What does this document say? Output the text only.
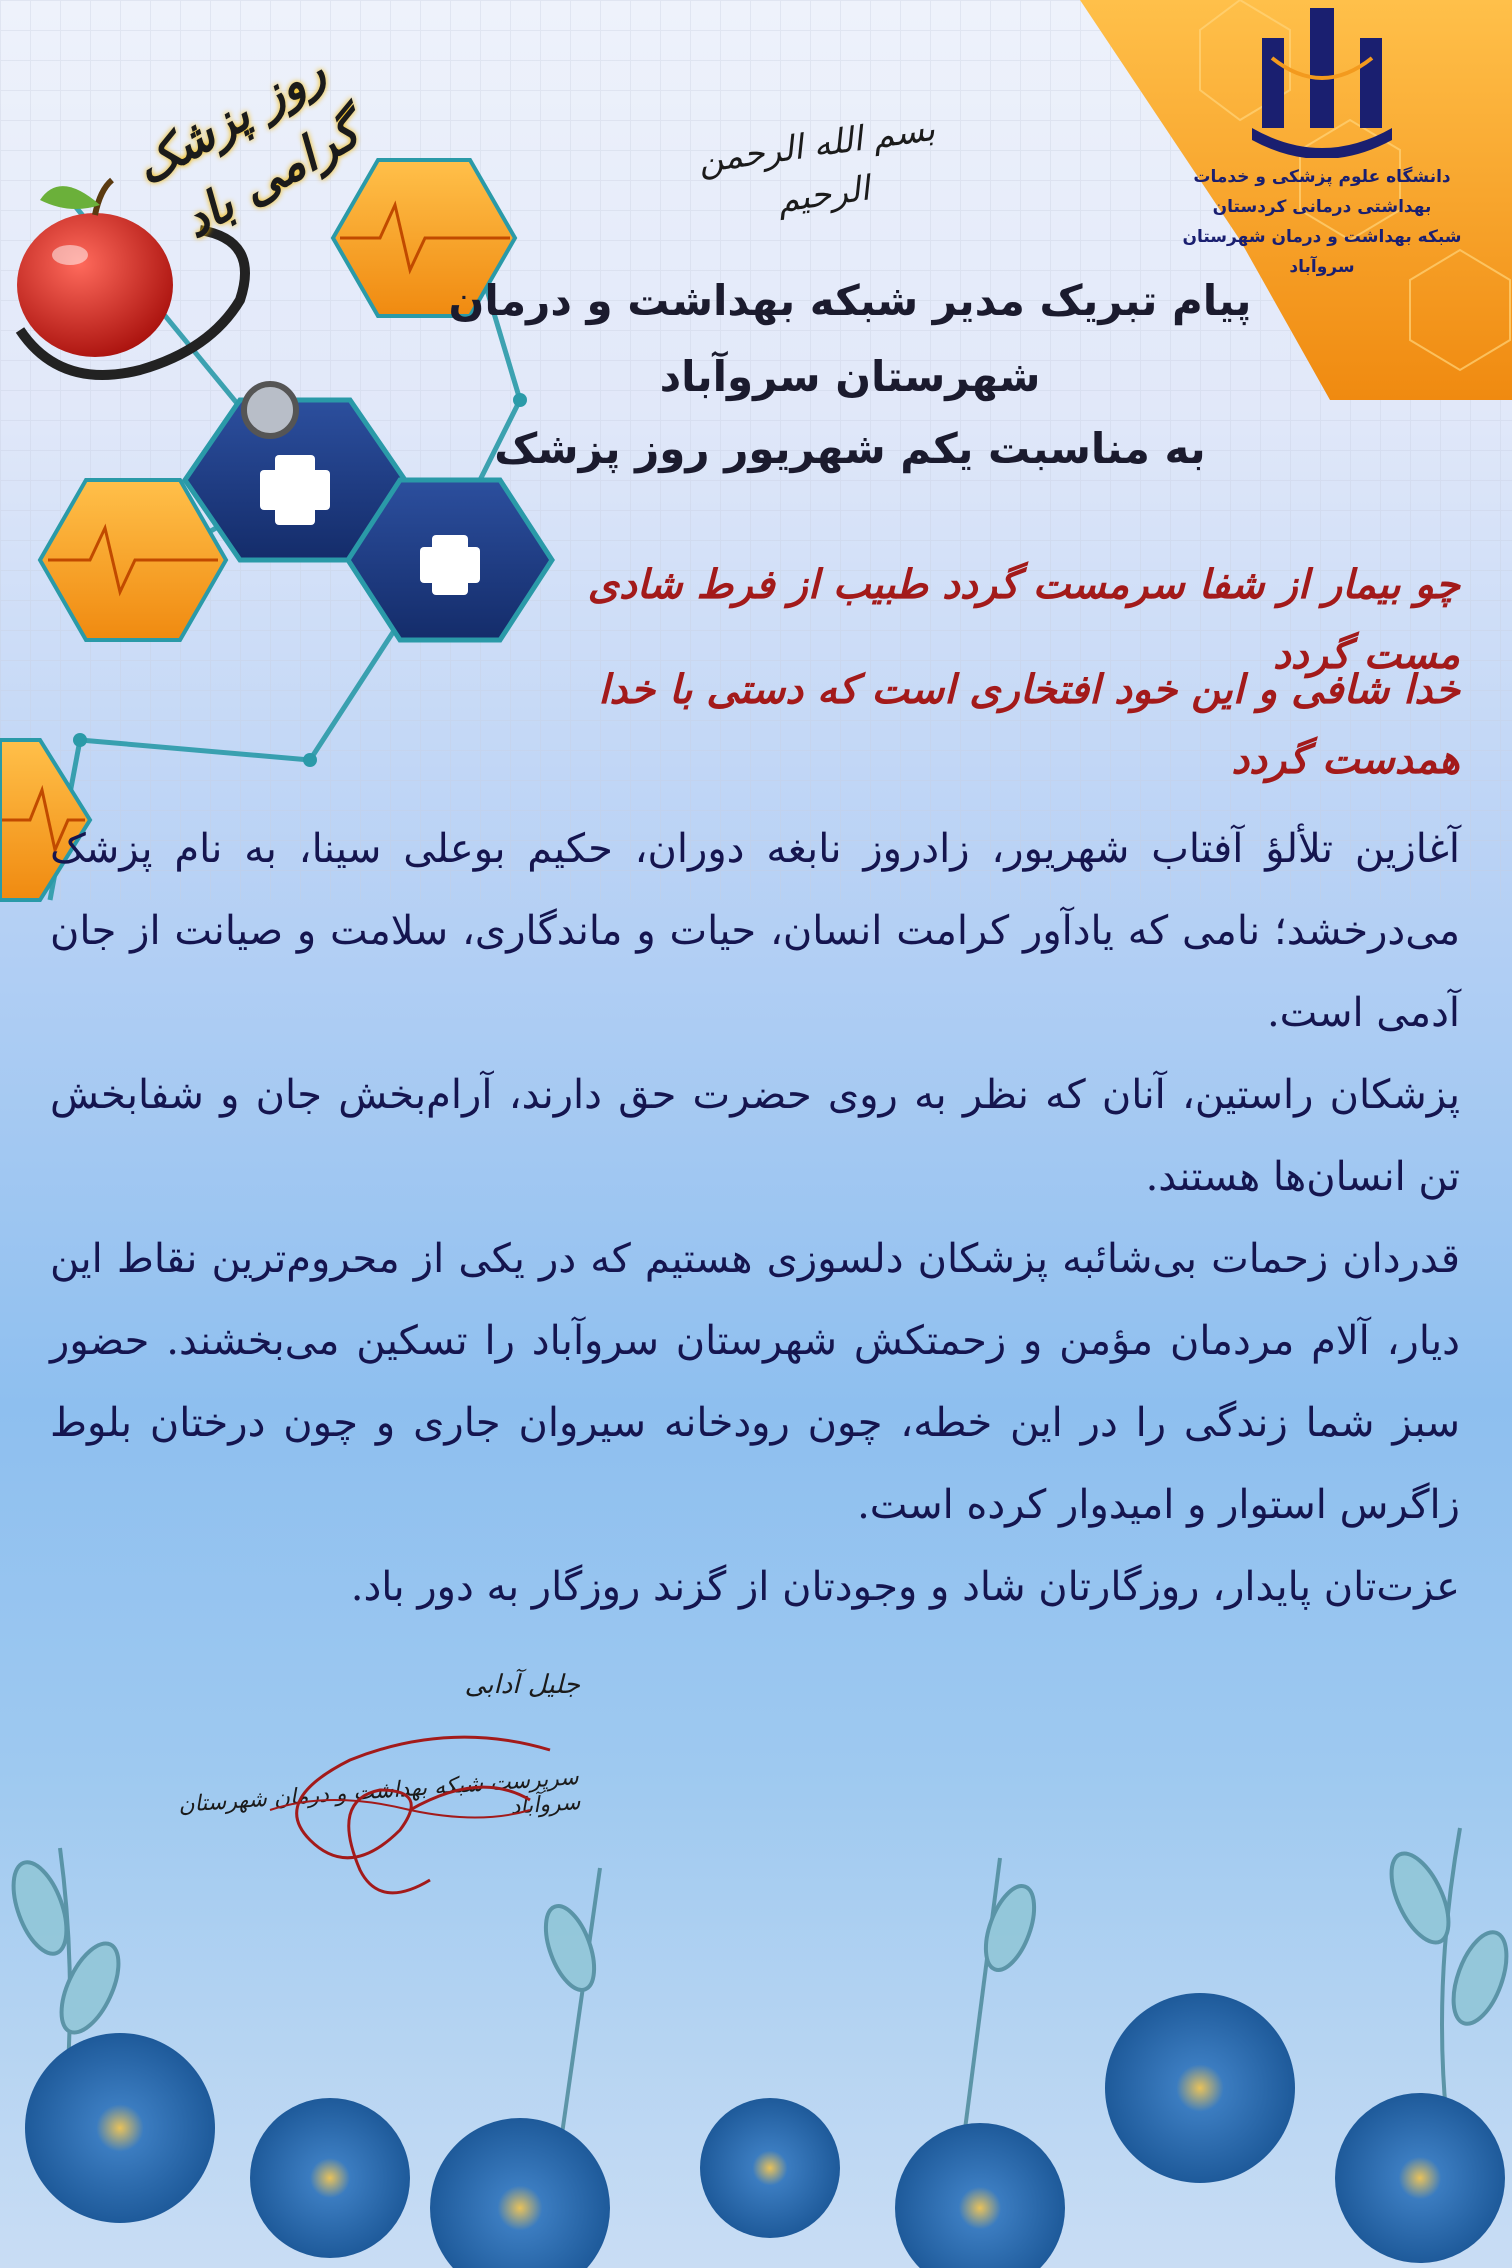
دانشگاه علوم پزشکی و خدمات بهداشتی درمانی کردستان
شبکه بهداشت و درمان شهرستان سروآباد
روز پزشک گرامی باد	بسم الله الرحمن الرحیم
پیام تبریک مدیر شبکه بهداشت و درمان
شهرستان سروآباد
به مناسبت یکم شهریور روز پزشک
چو بیمار از شفا سرمست گردد طبیب از فرط شادی مست گردد
خدا شافی و این خود افتخاری است که دستی با خدا همدست گردد

آغازین تلألؤ آفتاب شهریور، زادروز نابغه دوران، حکیم بوعلی سینا، به نام پزشک می‌درخشد؛ نامی که یادآور کرامت انسان، حیات و ماندگاری، سلامت و صیانت از جان آدمی است.

پزشکان راستین، آنان که نظر به روی حضرت حق دارند، آرام‌بخش جان و شفابخش تن انسان‌ها هستند.

قدردان زحمات بی‌شائبه پزشکان دلسوزی هستیم که در یکی از محروم‌ترین نقاط این دیار، آلام مردمان مؤمن و زحمتکش شهرستان سروآباد را تسکین می‌بخشند. حضور سبز شما زندگی را در این خطه، چون رودخانه سیروان جاری و چون درختان بلوط زاگرس استوار و امیدوار کرده است.

عزت‌تان پایدار، روزگارتان شاد و وجودتان از گزند روزگار به دور باد.

جلیل آدابی
سرپرست شبکه بهداشت و درمان شهرستان سروآباد
